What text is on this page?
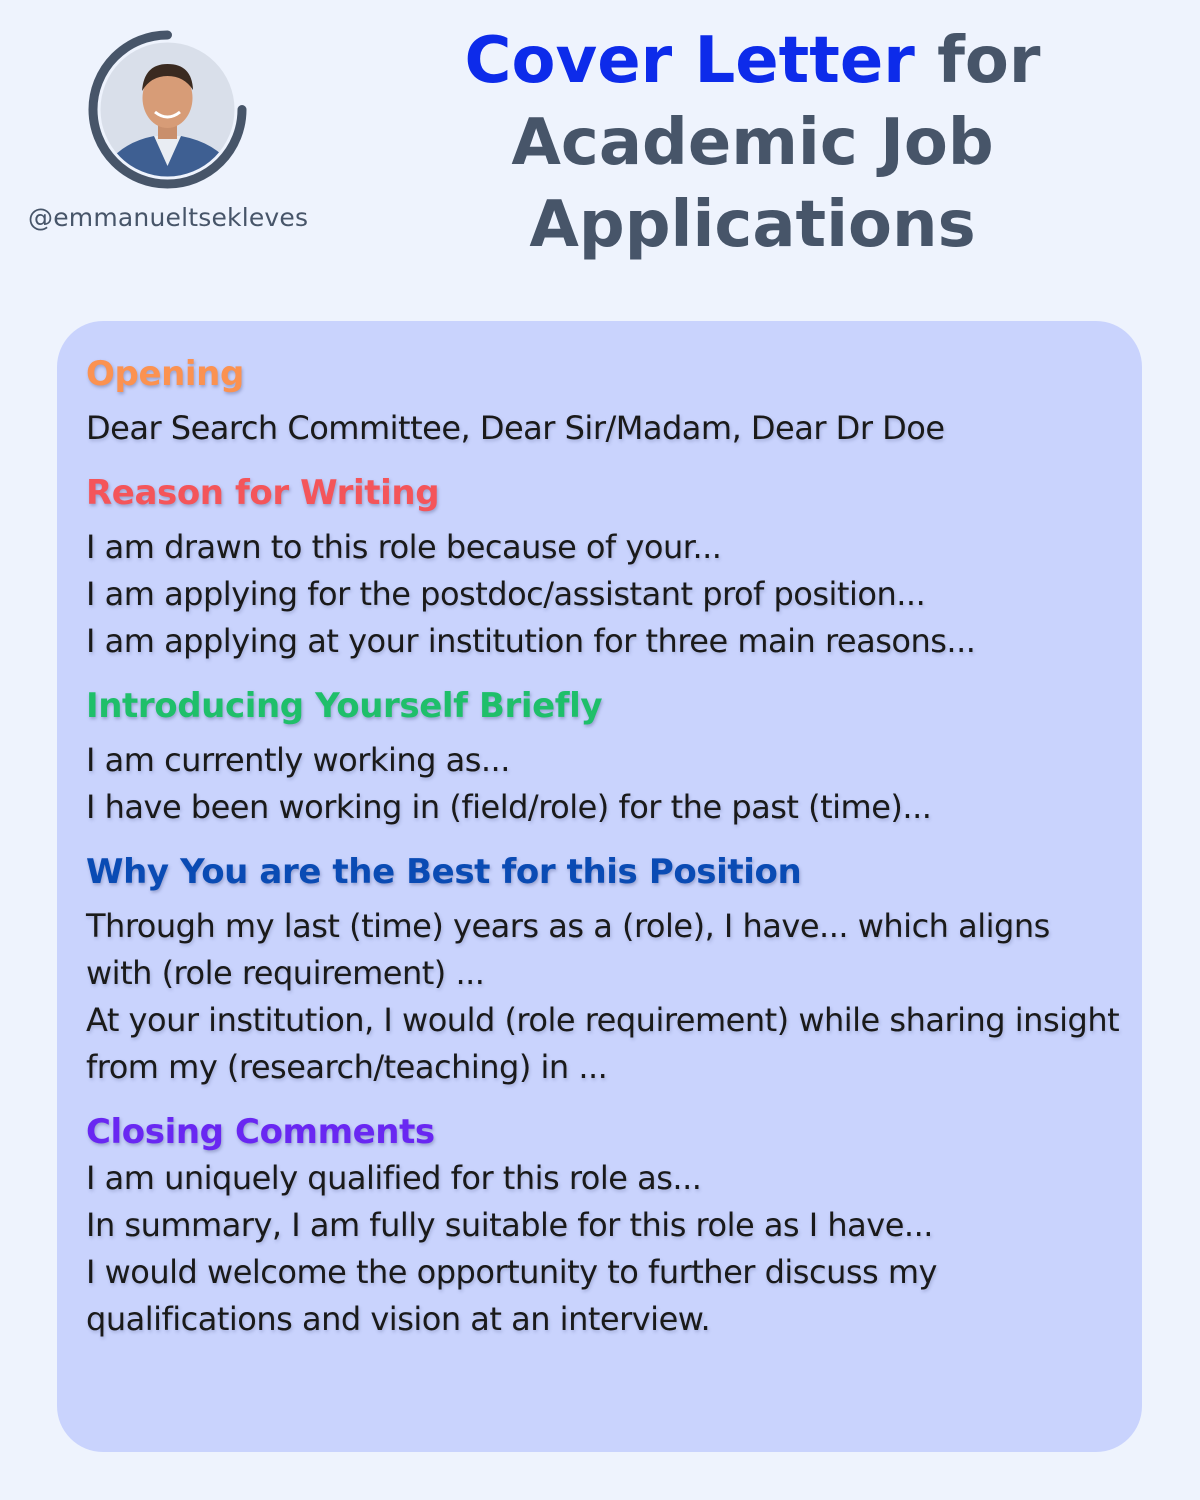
@emmanueltsekleves
Cover Letter for Academic Job Applications
Opening

Dear Search Committee, Dear Sir/Madam, Dear Dr Doe

Reason for Writing

I am drawn to this role because of your...

I am applying for the postdoc/assistant prof position...

I am applying at your institution for three main reasons...

Introducing Yourself Briefly

I am currently working as...

I have been working in (field/role) for the past (time)...

Why You are the Best for this Position

Through my last (time) years as a (role), I have... which aligns with (role requirement) ...

At your institution, I would (role requirement) while sharing insight from my (research/teaching) in ...

Closing Comments

I am uniquely qualified for this role as...

In summary, I am fully suitable for this role as I have...

I would welcome the opportunity to further discuss my qualifications and vision at an interview.
